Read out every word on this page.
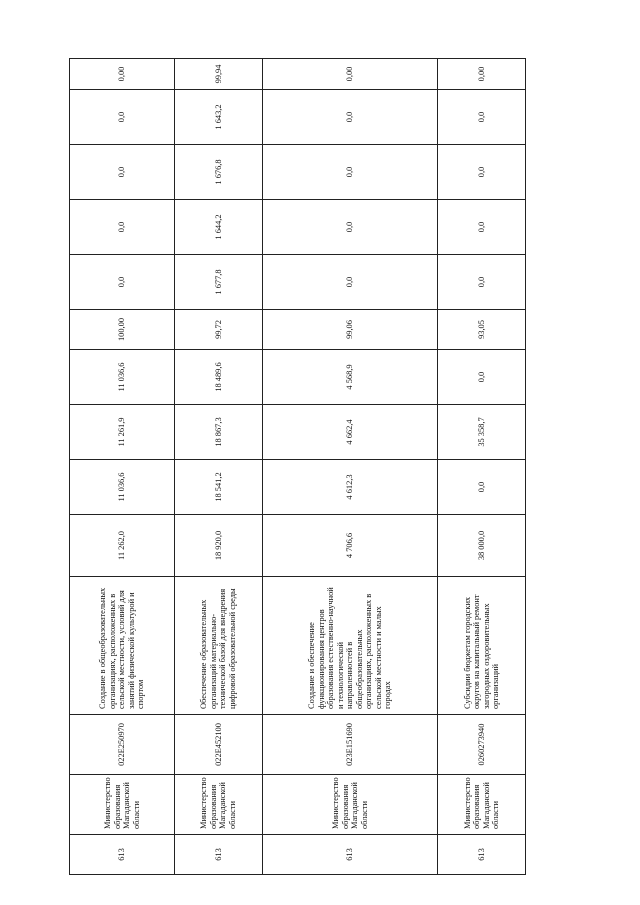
613	Министерство образования Магаданской области	022E250970	Создание в общеобразовательных организациях, расположенных в сельской местности, условий для занятий физической культурой и спортом	11 262,0	11 036,6	11 261,9	11 036,6	100,00	0,0	0,0	0,0	0,0	0,00
613	Министерство образования Магаданской области	022E452100	Обеспечение образовательных организаций материально-технической базой для внедрения цифровой образовательной среды	18 920,0	18 541,2	18 867,3	18 489,6	99,72	1 677,8	1 644,2	1 676,8	1 643,2	99,94
613	Министерство образования Магаданской области	023E151690	Создание и обеспечение функционирования центров образования естественно-научной и технологической направленностей в общеобразовательных организациях, расположенных в сельской местности и малых городах	4 706,6	4 612,3	4 662,4	4 568,9	99,06	0,0	0,0	0,0	0,0	0,00
613	Министерство образования Магаданской области	0260273940	Субсидии бюджетам городских округов на капитальный ремонт загородных оздоровительных организаций	38 000,0	0,0	35 358,7	0,0	93,05	0,0	0,0	0,0	0,0	0,00
